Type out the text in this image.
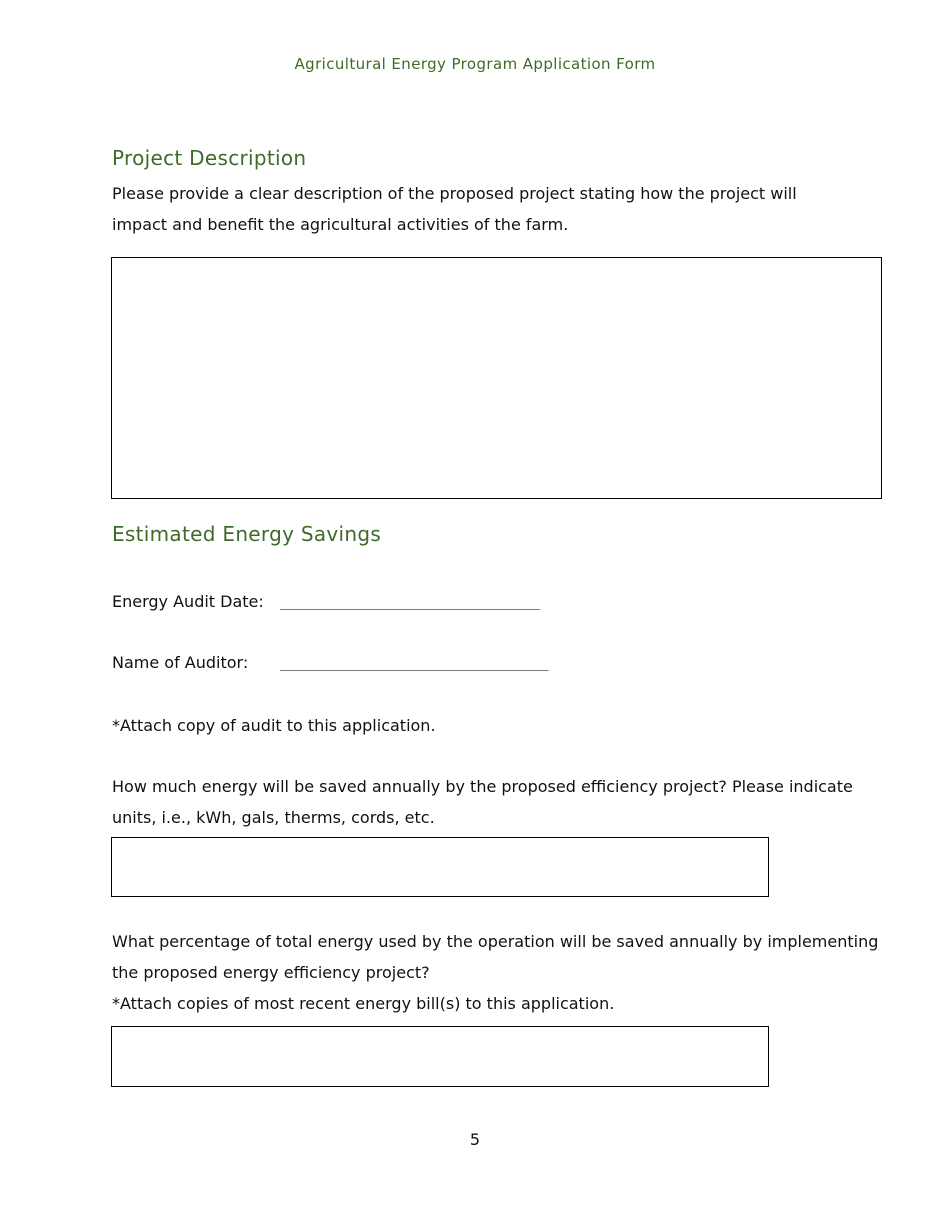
Agricultural Energy Program Application Form
Project Description
Please provide a clear description of the proposed project stating how the project will
impact and benefit the agricultural activities of the farm.
Estimated Energy Savings
Energy Audit Date: ______________________________
Name of Auditor: _______________________________
*Attach copy of audit to this application.
How much energy will be saved annually by the proposed efficiency project? Please indicate
units, i.e., kWh, gals, therms, cords, etc.
What percentage of total energy used by the operation will be saved annually by implementing
the proposed energy efficiency project?
*Attach copies of most recent energy bill(s) to this application.
5
